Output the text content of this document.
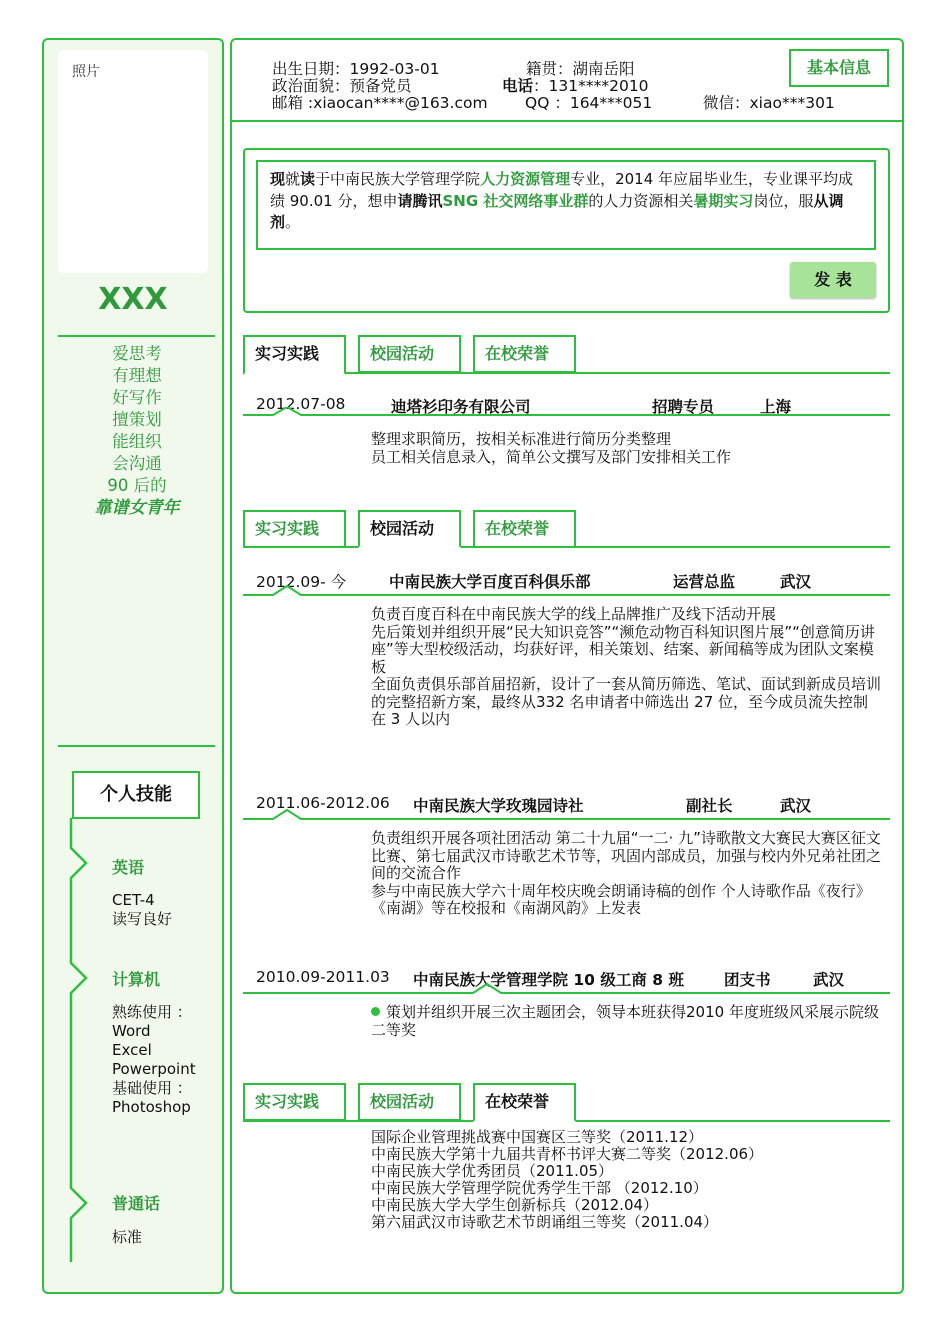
照片
XXX
爱思考
有理想
好写作
擅策划
能组织
会沟通
90 后的
靠谱女青年
个人技能
英语
CET-4
读写良好
计算机
熟练使用 ：
Word
Excel
Powerpoint
基础使用 ：
Photoshop
普通话
标准
出生日期：1992-03-01	籍贯：湖南岳阳
政治面貌：预备党员	电话：131****2010
邮箱 :xiaocan****@163.com QQ ：164***051	微信：xiao***301
基本信息
现就读于中南民族大学管理学院人力资源管理专业，2014 年应届毕业生，专业课平均成绩 90.01 分，想申请腾讯SNG 社交网络事业群的人力资源相关暑期实习岗位，服从调剂。
发 表
实习实践	校园活动	在校荣誉
2012.07-08	迪塔衫印务有限公司	招聘专员	上海

整理求职简历，按相关标准进行简历分类整理

员工相关信息录入，简单公文撰写及部门安排相关工作

实习实践	校园活动	在校荣誉
2012.09- 今	中南民族大学百度百科俱乐部	运营总监	武汉

负责百度百科在中南民族大学的线上品牌推广及线下活动开展

先后策划并组织开展“民大知识竞答”“濒危动物百科知识图片展”“创意简历讲座”等大型校级活动，均获好评，相关策划、结案、新闻稿等成为团队文案模板

全面负责俱乐部首届招新，设计了一套从简历筛选、笔试、面试到新成员培训的完整招新方案，最终从332 名申请者中筛选出 27 位，至今成员流失控制在 3 人以内

2011.06-2012.06 中南民族大学玫瑰园诗社	副社长	武汉

负责组织开展各项社团活动 第二十九届“一二· 九”诗歌散文大赛民大赛区征文比赛、第七届武汉市诗歌艺术节等，巩固内部成员，加强与校内外兄弟社团之间的交流合作

参与中南民族大学六十周年校庆晚会朗诵诗稿的创作 个人诗歌作品《夜行》《南湖》等在校报和《南湖风韵》上发表

2010.09-2011.03 中南民族大学管理学院 10 级工商 8 班	团支书	武汉

策划并组织开展三次主题团会，领导本班获得2010 年度班级风采展示院级二等奖

实习实践	校园活动	在校荣誉
国际企业管理挑战赛中国赛区三等奖（2011.12）
中南民族大学第十九届共青杯书评大赛二等奖（2012.06）
中南民族大学优秀团员（2011.05）
中南民族大学管理学院优秀学生干部 （2012.10）
中南民族大学大学生创新标兵（2012.04）
第六届武汉市诗歌艺术节朗诵组三等奖（2011.04）
